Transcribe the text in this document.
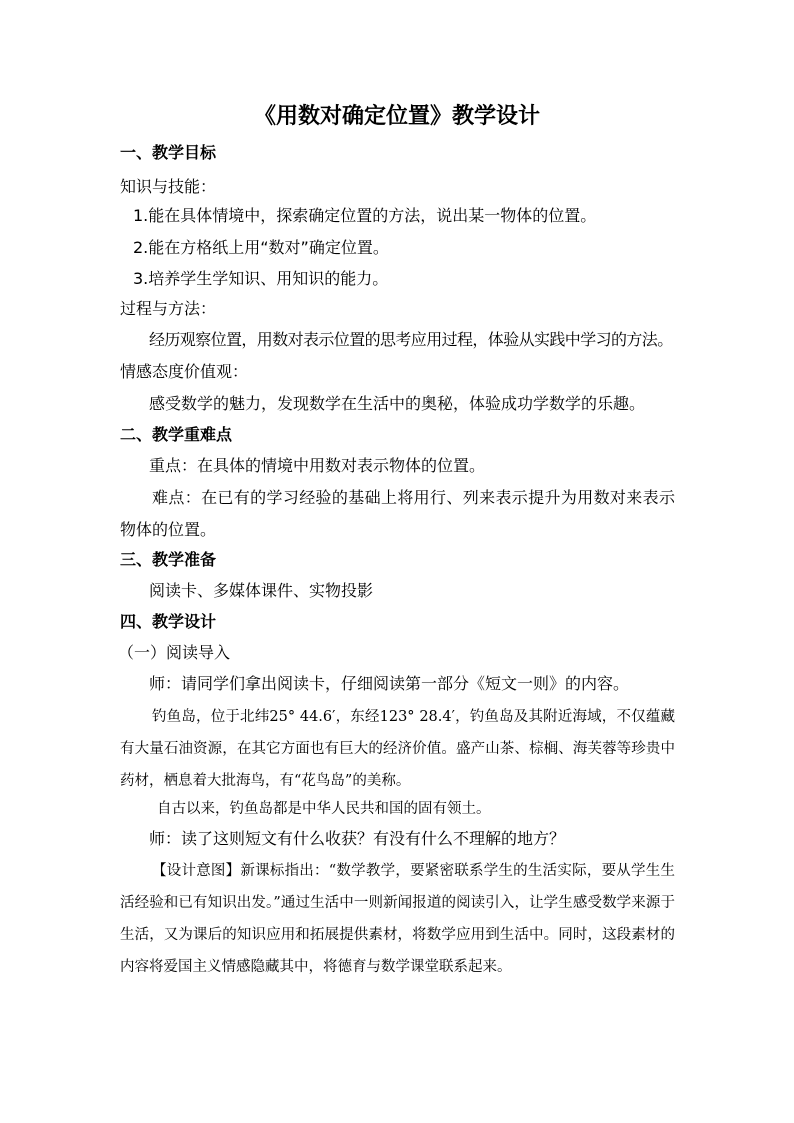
《用数对确定位置》教学设计
一、教学目标
知识与技能：
1.能在具体情境中，探索确定位置的方法，说出某一物体的位置。
2.能在方格纸上用“数对”确定位置。
3.培养学生学知识、用知识的能力。
过程与方法：
经历观察位置，用数对表示位置的思考应用过程，体验从实践中学习的方法。
情感态度价值观：
感受数学的魅力，发现数学在生活中的奥秘，体验成功学数学的乐趣。
二、教学重难点
重点：在具体的情境中用数对表示物体的位置。
难点：在已有的学习经验的基础上将用行、列来表示提升为用数对来表示物体的位置。
三、教学准备
阅读卡、多媒体课件、实物投影
四、教学设计
（一）阅读导入
师：请同学们拿出阅读卡，仔细阅读第一部分《短文一则》的内容。
钓鱼岛，位于北纬25° 44.6′，东经123° 28.4′，钓鱼岛及其附近海域，不仅蕴藏有大量石油资源，在其它方面也有巨大的经济价值。盛产山茶、棕榈、海芙蓉等珍贵中药材，栖息着大批海鸟，有“花鸟岛”的美称。
自古以来，钓鱼岛都是中华人民共和国的固有领土。
师：读了这则短文有什么收获？有没有什么不理解的地方？
【设计意图】新课标指出：“数学教学，要紧密联系学生的生活实际，要从学生生活经验和已有知识出发。”通过生活中一则新闻报道的阅读引入，让学生感受数学来源于生活，又为课后的知识应用和拓展提供素材，将数学应用到生活中。同时，这段素材的内容将爱国主义情感隐藏其中，将德育与数学课堂联系起来。
